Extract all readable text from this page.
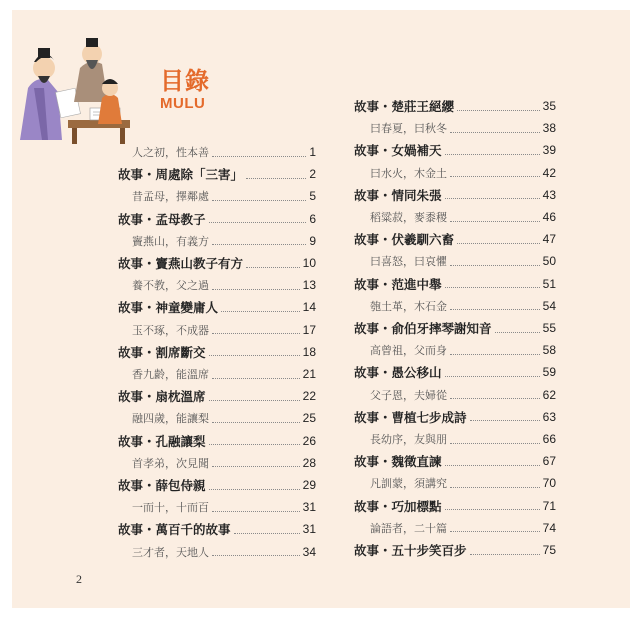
目錄
MULU
人之初，性本善	1
故事・周處除「三害」	2
昔孟母，擇鄰處	5
故事・孟母教子	6
竇燕山，有義方	9
故事・竇燕山教子有方	10
養不教，父之過	13
故事・神童變庸人	14
玉不琢，不成器	17
故事・割席斷交	18
香九齡，能溫席	21
故事・扇枕溫席	22
融四歲，能讓梨	25
故事・孔融讓梨	26
首孝弟，次見聞	28
故事・薛包侍親	29
一而十，十而百	31
故事・萬百千的故事	31
三才者，天地人	34
故事・楚莊王絕纓	35
曰春夏，曰秋冬	38
故事・女媧補天	39
曰水火，木金土	42
故事・情同朱張	43
稻粱菽，麥黍稷	46
故事・伏羲馴六畜	47
曰喜怒，曰哀懼	50
故事・范進中舉	51
匏土革，木石金	54
故事・俞伯牙摔琴謝知音	55
高曾祖，父而身	58
故事・愚公移山	59
父子恩，夫婦從	62
故事・曹植七步成詩	63
長幼序，友與朋	66
故事・魏徵直諫	67
凡訓蒙，須講究	70
故事・巧加標點	71
論語者，二十篇	74
故事・五十步笑百步	75
2
